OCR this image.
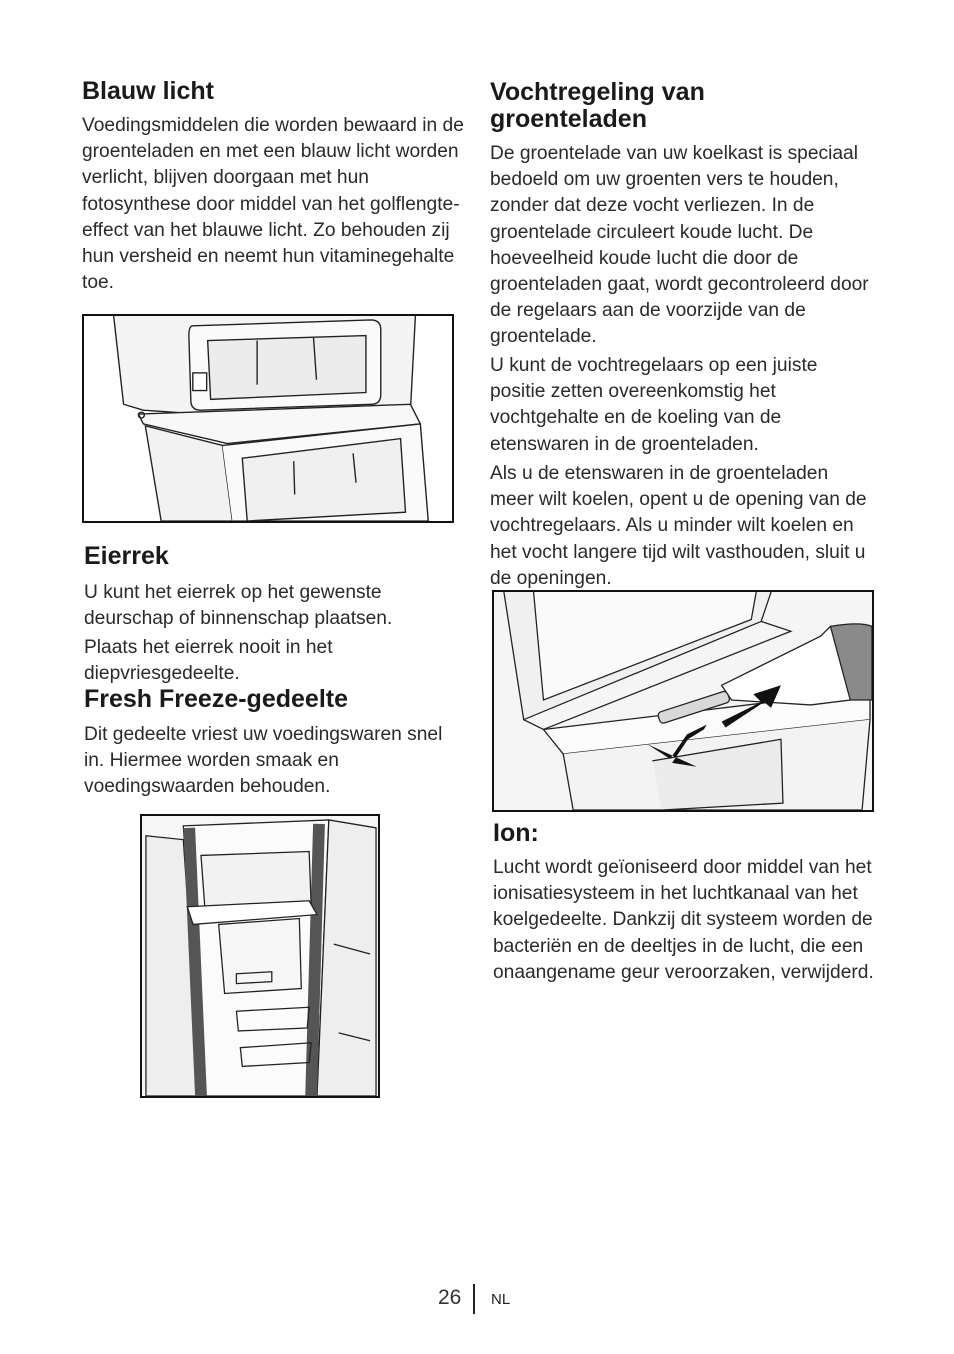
Blauw licht

Voedingsmiddelen die worden bewaard in de groenteladen en met een blauw licht worden verlicht, blijven doorgaan met hun fotosynthese door middel van het golflengte-effect van het blauwe licht. Zo behouden zij hun versheid en neemt hun vitaminegehalte toe.

Eierrek

U kunt het eierrek op het gewenste deurschap of binnenschap plaatsen.

Plaats het eierrek nooit in het diepvriesgedeelte.

Fresh Freeze-gedeelte

Dit gedeelte vriest uw voedingswaren snel in. Hiermee worden smaak en voedingswaarden behouden.

Vochtregeling van groenteladen

De groentelade van uw koelkast is speciaal bedoeld om uw groenten vers te houden, zonder dat deze vocht verliezen. In de groentelade circuleert koude lucht. De hoeveelheid koude lucht die door de groenteladen gaat, wordt gecontroleerd door de regelaars aan de voorzijde van de groentelade.

U kunt de vochtregelaars op een juiste positie zetten overeenkomstig het vochtgehalte en de koeling van de etenswaren in de groenteladen.

Als u de etenswaren in de groenteladen meer wilt koelen, opent u de opening van de vochtregelaars. Als u minder wilt koelen en het vocht langere tijd wilt vasthouden, sluit u de openingen.

Ion:

Lucht wordt geïoniseerd door middel van het ionisatiesysteem in het luchtkanaal van het koelgedeelte. Dankzij dit systeem worden de bacteriën en de deeltjes in de lucht, die een onaangename geur veroorzaken, verwijderd.

26 NL
